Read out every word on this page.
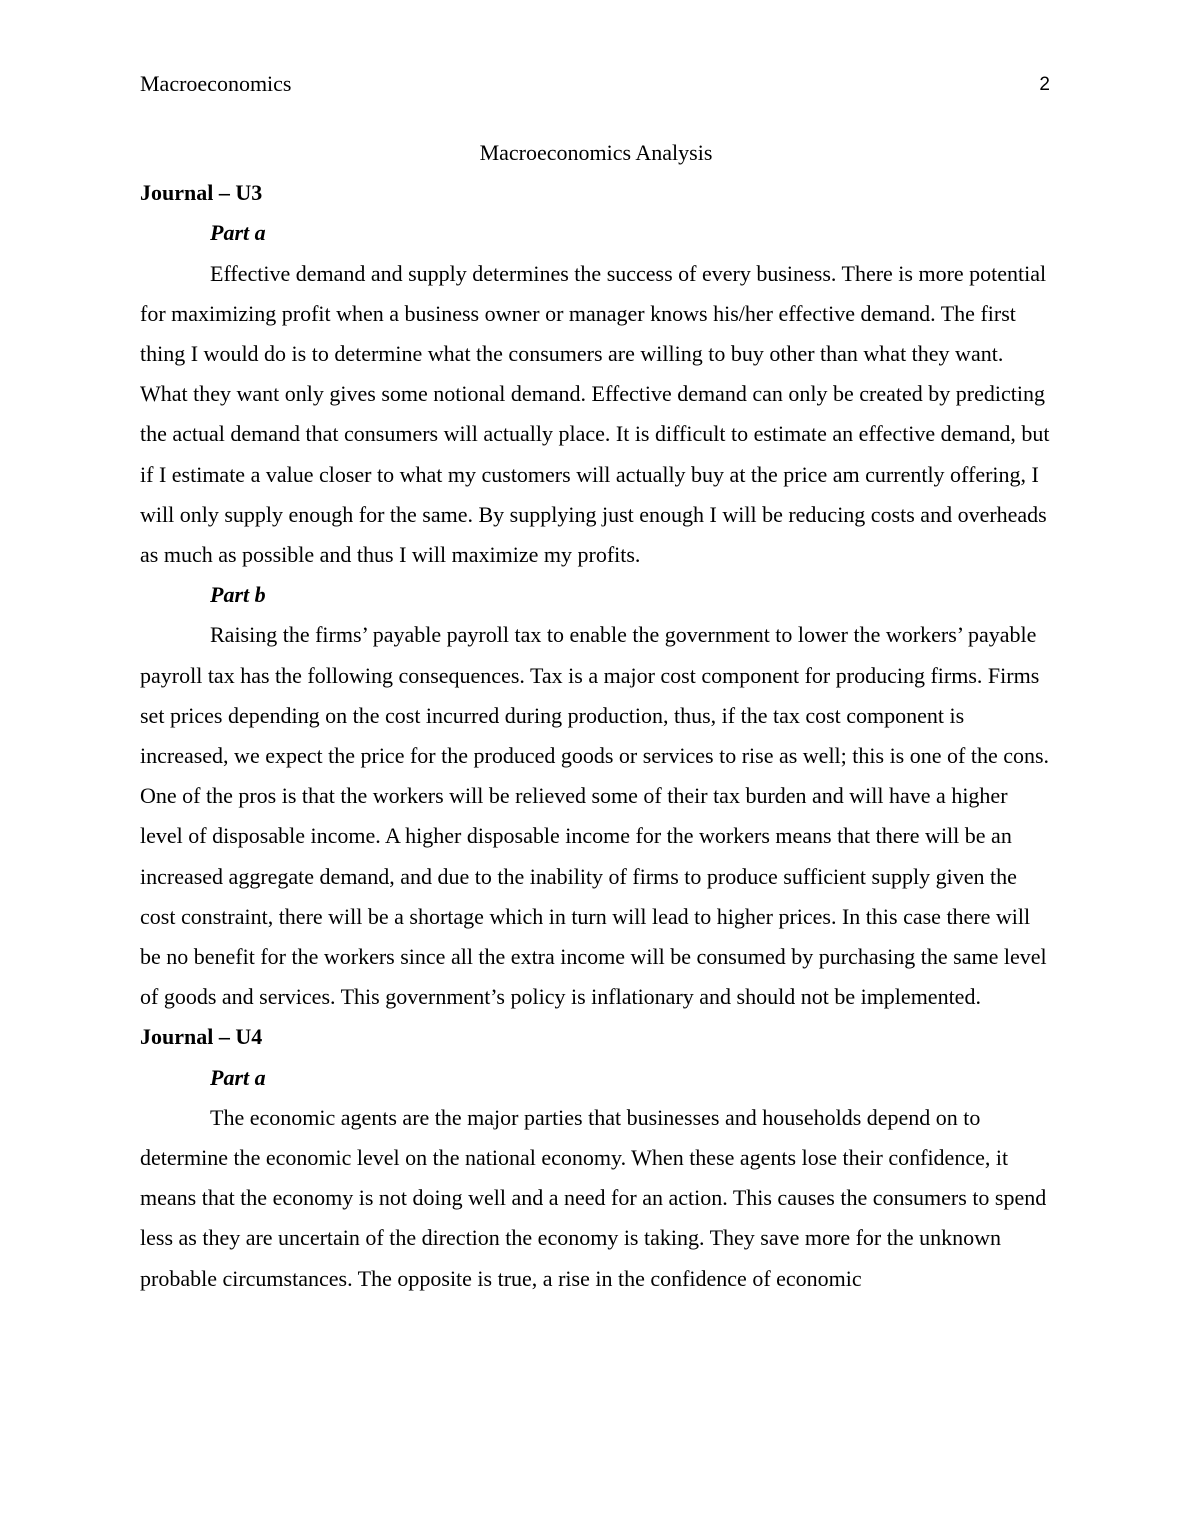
Macroeconomics	2

Macroeconomics Analysis

Journal – U3

Part a

Effective demand and supply determines the success of every business. There is more potential for maximizing profit when a business owner or manager knows his/her effective demand. The first thing I would do is to determine what the consumers are willing to buy other than what they want. What they want only gives some notional demand. Effective demand can only be created by predicting the actual demand that consumers will actually place. It is difficult to estimate an effective demand, but if I estimate a value closer to what my customers will actually buy at the price am currently offering, I will only supply enough for the same. By supplying just enough I will be reducing costs and overheads as much as possible and thus I will maximize my profits.

Part b

Raising the firms’ payable payroll tax to enable the government to lower the workers’ payable payroll tax has the following consequences. Tax is a major cost component for producing firms. Firms set prices depending on the cost incurred during production, thus, if the tax cost component is increased, we expect the price for the produced goods or services to rise as well; this is one of the cons. One of the pros is that the workers will be relieved some of their tax burden and will have a higher level of disposable income. A higher disposable income for the workers means that there will be an increased aggregate demand, and due to the inability of firms to produce sufficient supply given the cost constraint, there will be a shortage which in turn will lead to higher prices. In this case there will be no benefit for the workers since all the extra income will be consumed by purchasing the same level of goods and services. This government’s policy is inflationary and should not be implemented.

Journal – U4

Part a

The economic agents are the major parties that businesses and households depend on to determine the economic level on the national economy. When these agents lose their confidence, it means that the economy is not doing well and a need for an action. This causes the consumers to spend less as they are uncertain of the direction the economy is taking. They save more for the unknown probable circumstances. The opposite is true, a rise in the confidence of economic
